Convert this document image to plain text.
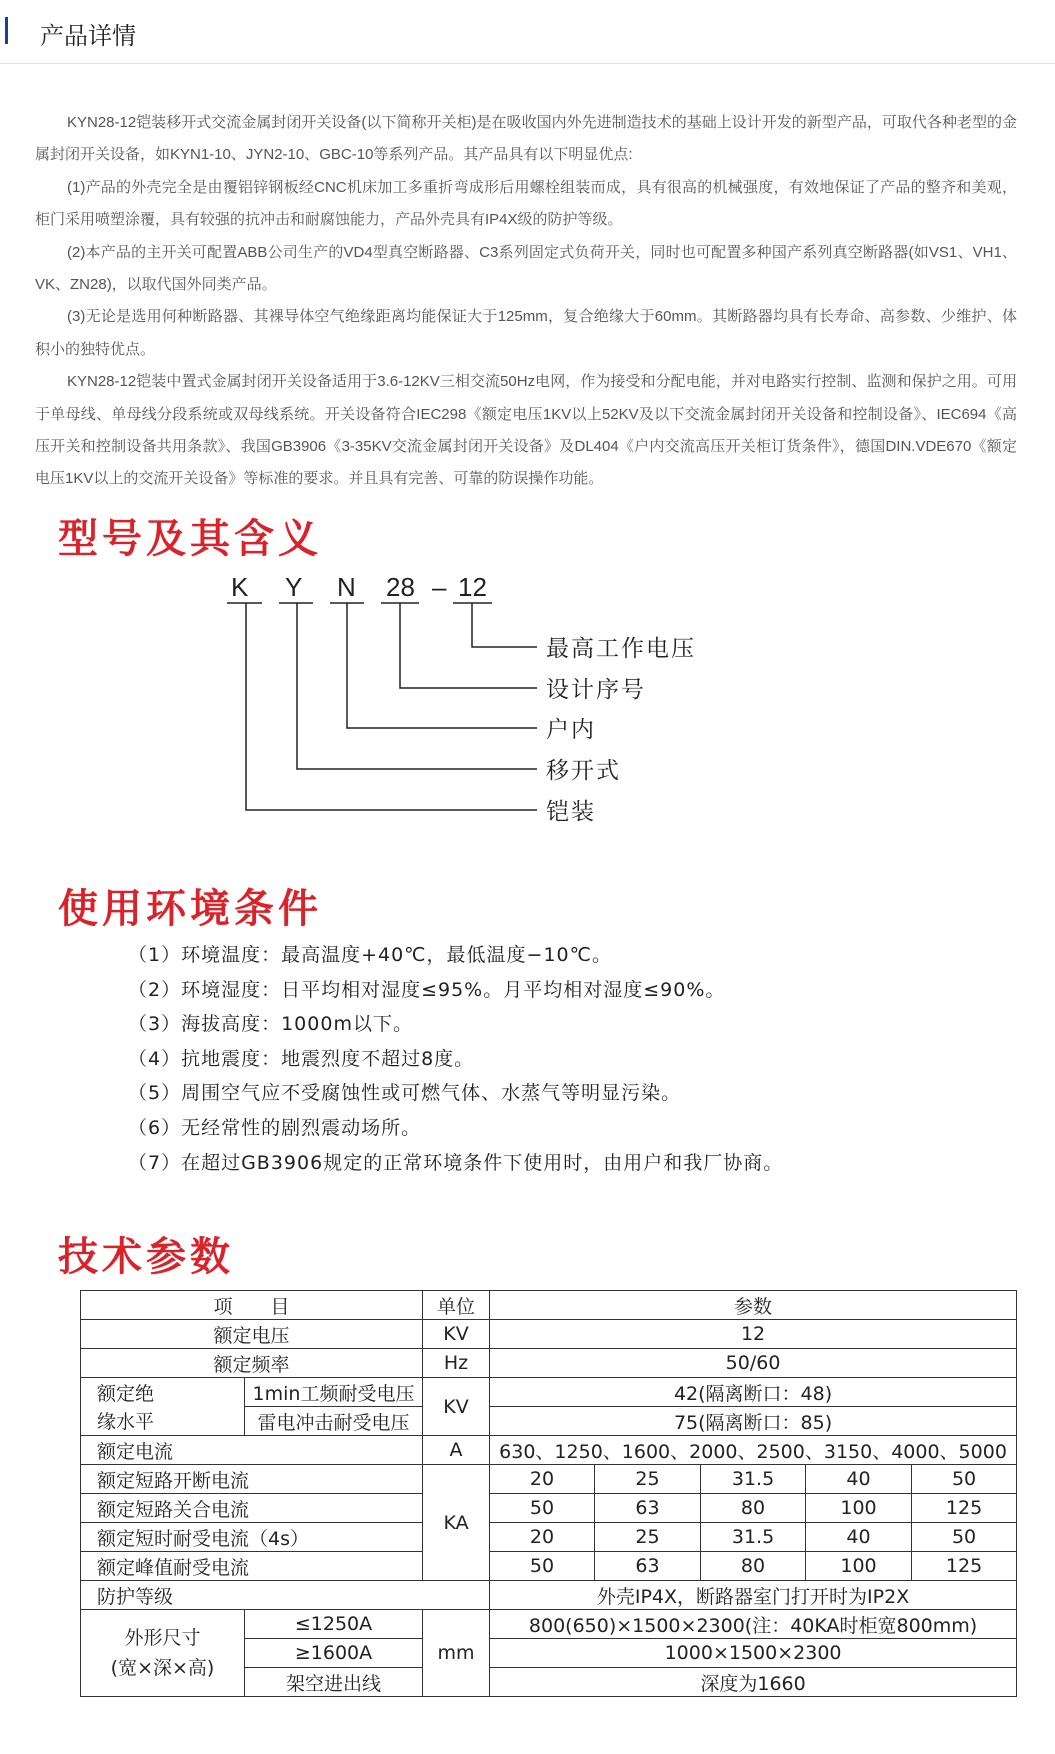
产品详情

KYN28-12铠装移开式交流金属封闭开关设备(以下简称开关柜)是在吸收国内外先进制造技术的基础上设计开发的新型产品，可取代各种老型的金属封闭开关设备，如KYN1-10、JYN2-10、GBC-10等系列产品。其产品具有以下明显优点:

(1)产品的外壳完全是由覆铝锌钢板经CNC机床加工多重折弯成形后用螺栓组装而成，具有很高的机械强度，有效地保证了产品的整齐和美观，柜门采用喷塑涂覆，具有较强的抗冲击和耐腐蚀能力，产品外壳具有IP4X级的防护等级。

(2)本产品的主开关可配置ABB公司生产的VD4型真空断路器、C3系列固定式负荷开关，同时也可配置多种国产系列真空断路器(如VS1、VH1、VK、ZN28)，以取代国外同类产品。

(3)无论是选用何种断路器、其裸导体空气绝缘距离均能保证大于125mm，复合绝缘大于60mm。其断路器均具有长寿命、高参数、少维护、体积小的独特优点。

KYN28-12铠装中置式金属封闭开关设备适用于3.6-12KV三相交流50Hz电网，作为接受和分配电能，并对电路实行控制、监测和保护之用。可用于单母线、单母线分段系统或双母线系统。开关设备符合IEC298《额定电压1KV以上52KV及以下交流金属封闭开关设备和控制设备》、IEC694《高压开关和控制设备共用条款》、我国GB3906《3-35KV交流金属封闭开关设备》及DL404《户内交流高压开关柜订货条件》，德国DIN.VDE670《额定电压1KV以上的交流开关设备》等标准的要求。并且具有完善、可靠的防误操作功能。

型号及其含义
K Y N 28 – 12
最高工作电压
设计序号
户内
移开式
铠装
使用环境条件
（1）环境温度：最高温度+40℃，最低温度−10℃。
（2）环境湿度：日平均相对湿度≤95%。月平均相对湿度≤90%。
（3）海拔高度：1000m以下。
（4）抗地震度：地震烈度不超过8度。
（5）周围空气应不受腐蚀性或可燃气体、水蒸气等明显污染。
（6）无经常性的剧烈震动场所。
（7）在超过GB3906规定的正常环境条件下使用时，由用户和我厂协商。
技术参数
项　　目		单位	参数				
额定电压		KV	12				
额定频率		Hz	50/60				
额定绝	1min工频耐受电压	KV	42(隔离断口：48)				
缘水平	雷电冲击耐受电压		75(隔离断口：85)				
额定电流		A	630、1250、1600、2000、2500、3150、4000、5000				
额定短路开断电流		KA	20	25	31.5	40	50
额定短路关合电流			50	63	80	100	125
额定短时耐受电流（4s）			20	25	31.5	40	50
额定峰值耐受电流			50	63	80	100	125
防护等级			外壳IP4X，断路器室门打开时为IP2X				
外形尺寸
(宽×深×高)	≤1250A	mm	800(650)×1500×2300(注：40KA时柜宽800mm)				
	≥1600A		1000×1500×2300				
	架空进出线		深度为1660				
